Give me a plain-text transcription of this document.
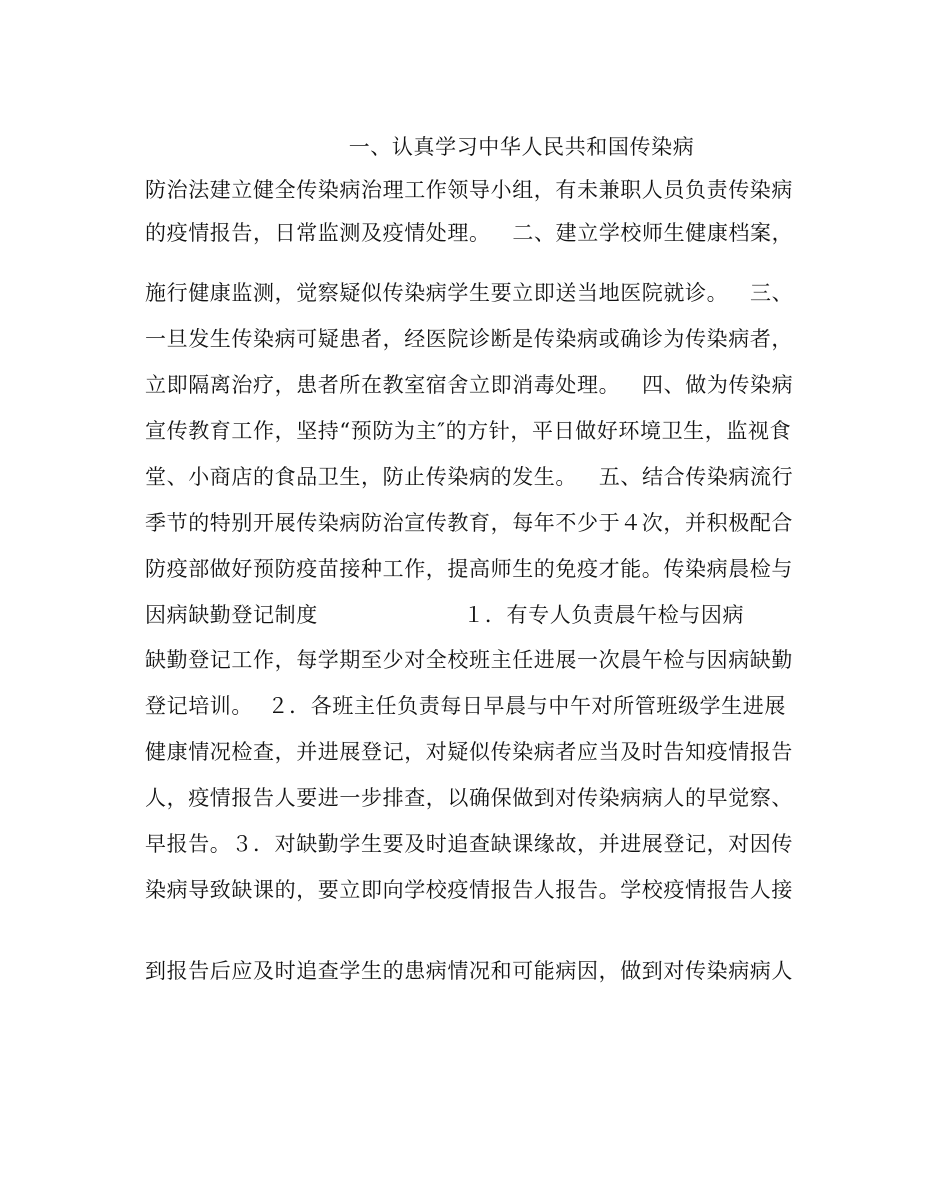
一、认真学习中华人民共和国传染病
防治法建立健全传染病治理工作领导小组，有未兼职人员负责传染病
的疫情报告，日常监测及疫情处理。   二、建立学校师生健康档案，
施行健康监测，觉察疑似传染病学生要立即送当地医院就诊。   三、
一旦发生传染病可疑患者，经医院诊断是传染病或确诊为传染病者，
立即隔离治疗，患者所在教室宿舍立即消毒处理。   四、做为传染病
宣传教育工作，坚持“预防为主″的方针，平日做好环境卫生，监视食
堂、小商店的食品卫生，防止传染病的发生。   五、结合传染病流行
季节的特别开展传染病防治宣传教育，每年不少于４次，并积极配合
防疫部做好预防疫苗接种工作，提高师生的免疫才能。传染病晨检与
因病缺勤登记制度                    １．有专人负责晨午检与因病
缺勤登记工作，每学期至少对全校班主任进展一次晨午检与因病缺勤
登记培训。  ２．各班主任负责每日早晨与中午对所管班级学生进展
健康情况检查，并进展登记，对疑似传染病者应当及时告知疫情报告
人，疫情报告人要进一步排查，以确保做到对传染病病人的早觉察、
早报告。３．对缺勤学生要及时追查缺课缘故，并进展登记，对因传
染病导致缺课的，要立即向学校疫情报告人报告。学校疫情报告人接
到报告后应及时追查学生的患病情况和可能病因，做到对传染病病人
